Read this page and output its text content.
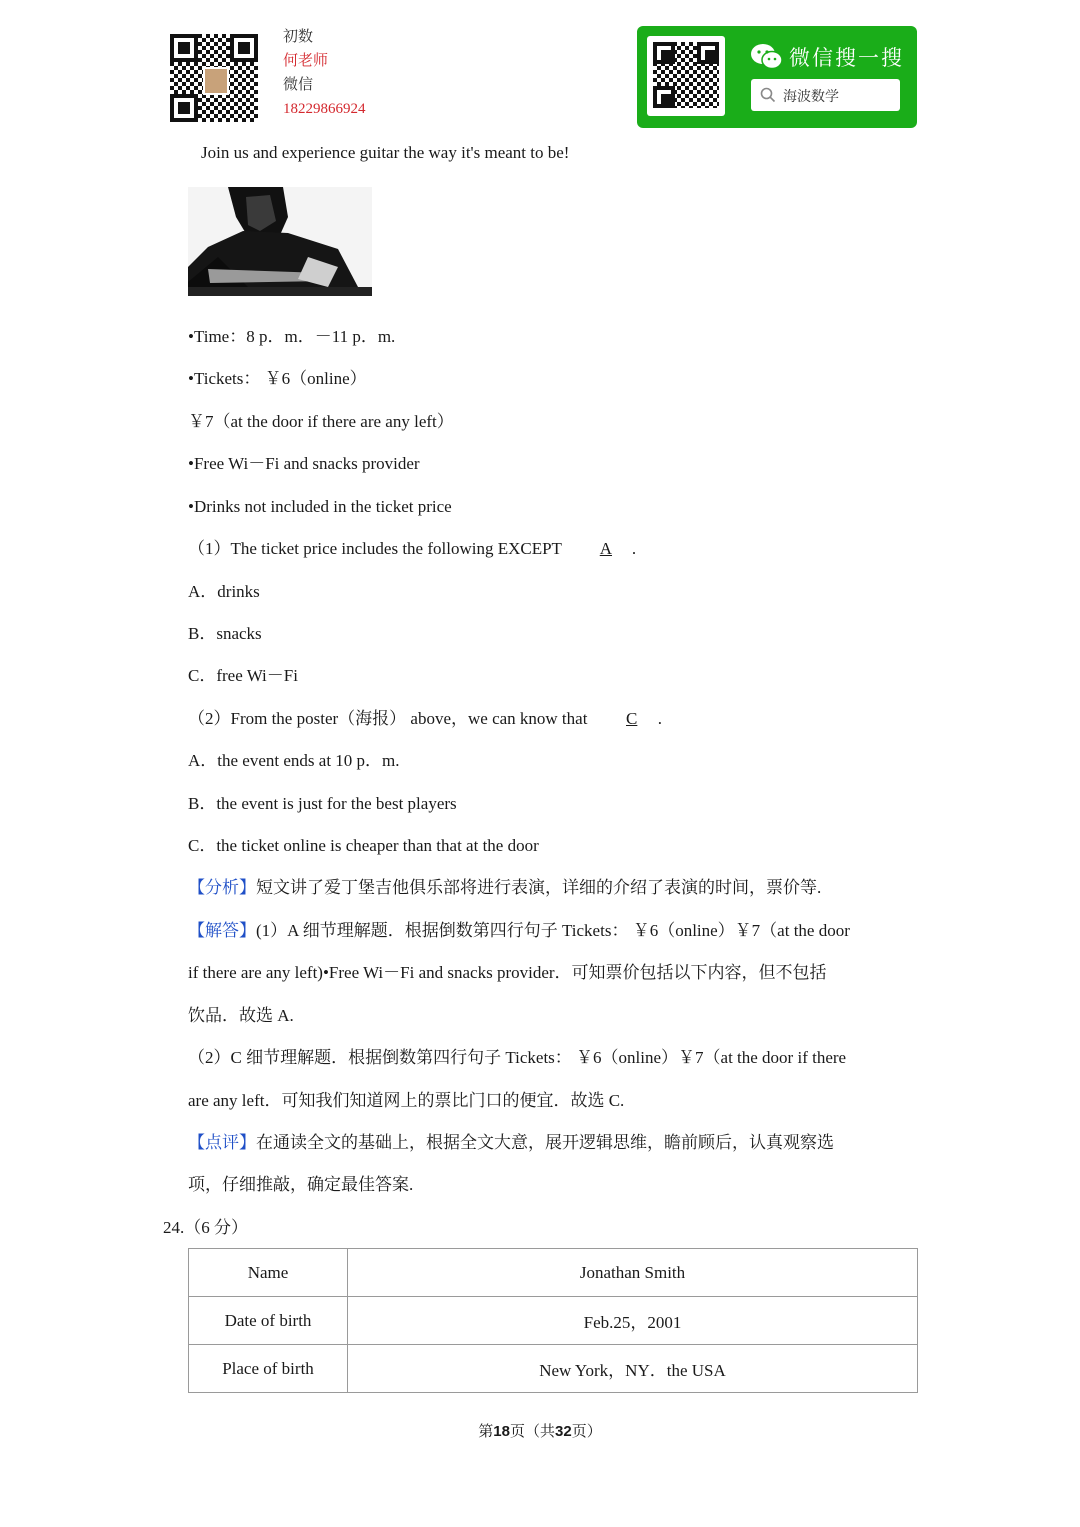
初数
何老师
微信
18229866924
微信搜一搜
海波数学
Join us and experience guitar the way it's meant to be!
•Time：8 p．m．－11 p．m.
•Tickets： ￥6（online）
￥7（at the door if there are any left）
•Free Wi－Fi and snacks provider
•Drinks not included in the ticket price
（1）The ticket price includes the following EXCEPT A .
A．drinks
B．snacks
C．free Wi－Fi
（2）From the poster（海报） above，we can know that C .
A．the event ends at 10 p．m.
B．the event is just for the best players
C．the ticket online is cheaper than that at the door
【分析】短文讲了爱丁堡吉他俱乐部将进行表演，详细的介绍了表演的时间，票价等.
【解答】(1）A 细节理解题．根据倒数第四行句子 Tickets： ￥6（online）￥7（at the door
if there are any left)•Free Wi－Fi and snacks provider．可知票价包括以下内容，但不包括
饮品．故选 A.
（2）C 细节理解题．根据倒数第四行句子 Tickets： ￥6（online）￥7（at the door if there
are any left．可知我们知道网上的票比门口的便宜．故选 C.
【点评】在通读全文的基础上，根据全文大意，展开逻辑思维，瞻前顾后，认真观察选
项，仔细推敲，确定最佳答案.
24.（6 分）
Name	Jonathan Smith
Date of birth	Feb.25，2001
Place of birth	New York，NY．the USA
第18页（共32页）
